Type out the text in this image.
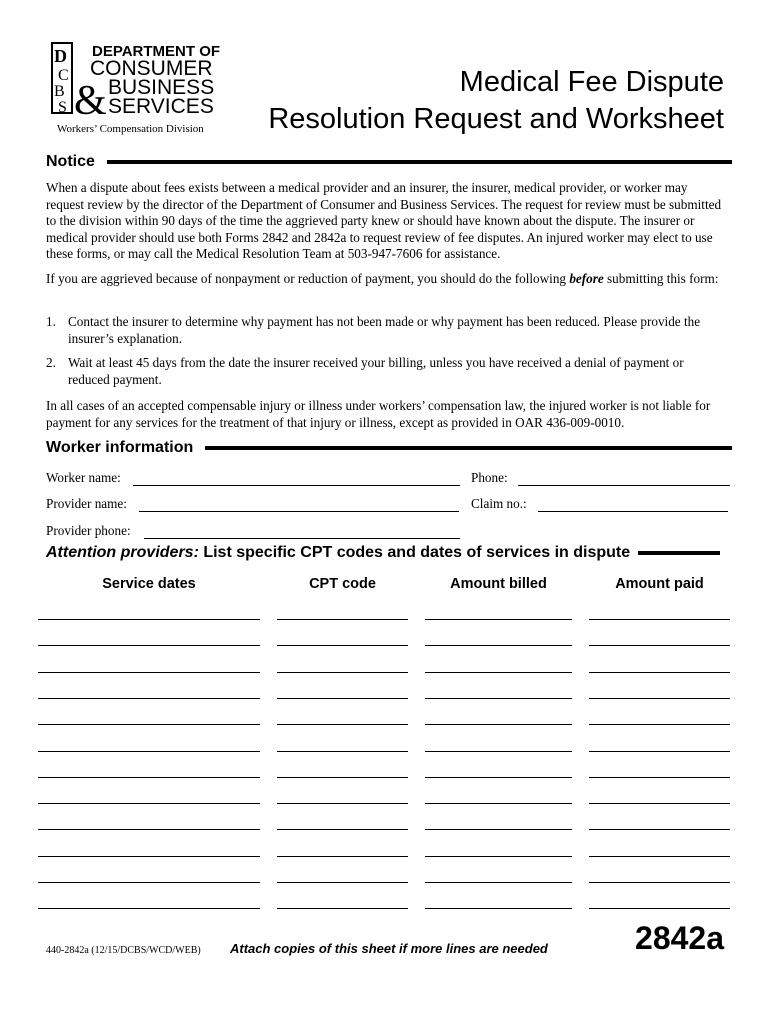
D
C
B
S
DEPARTMENT OF
CONSUMER
& BUSINESS
SERVICES
Workers’ Compensation Division
Medical Fee Dispute
Resolution Request and Worksheet
Notice

When a dispute about fees exists between a medical provider and an insurer, the insurer, medical provider, or worker may request review by the director of the Department of Consumer and Business Services. The request for review must be submitted to the division within 90 days of the time the aggrieved party knew or should have known about the dispute. The insurer or medical provider should use both Forms 2842 and 2842a to request review of fee disputes. An injured worker may elect to use these forms, or may call the Medical Resolution Team at 503-947-7606 for assistance.

If you are aggrieved because of nonpayment or reduction of payment, you should do the following before submitting this form:

1. Contact the insurer to determine why payment has not been made or why payment has been reduced. Please provide the insurer’s explanation.
2. Wait at least 45 days from the date the insurer received your billing, unless you have received a denial of payment or reduced payment.

In all cases of an accepted compensable injury or illness under workers’ compensation law, the injured worker is not liable for payment for any services for the treatment of that injury or illness, except as provided in OAR 436-009-0010.

Worker information
Worker name:	Phone:
Provider name:	Claim no.:
Provider phone:
Attention providers: List specific CPT codes and dates of services in dispute
Service dates	CPT code	Amount billed	Amount paid
440-2842a (12/15/DCBS/WCD/WEB) Attach copies of this sheet if more lines are needed	2842a
